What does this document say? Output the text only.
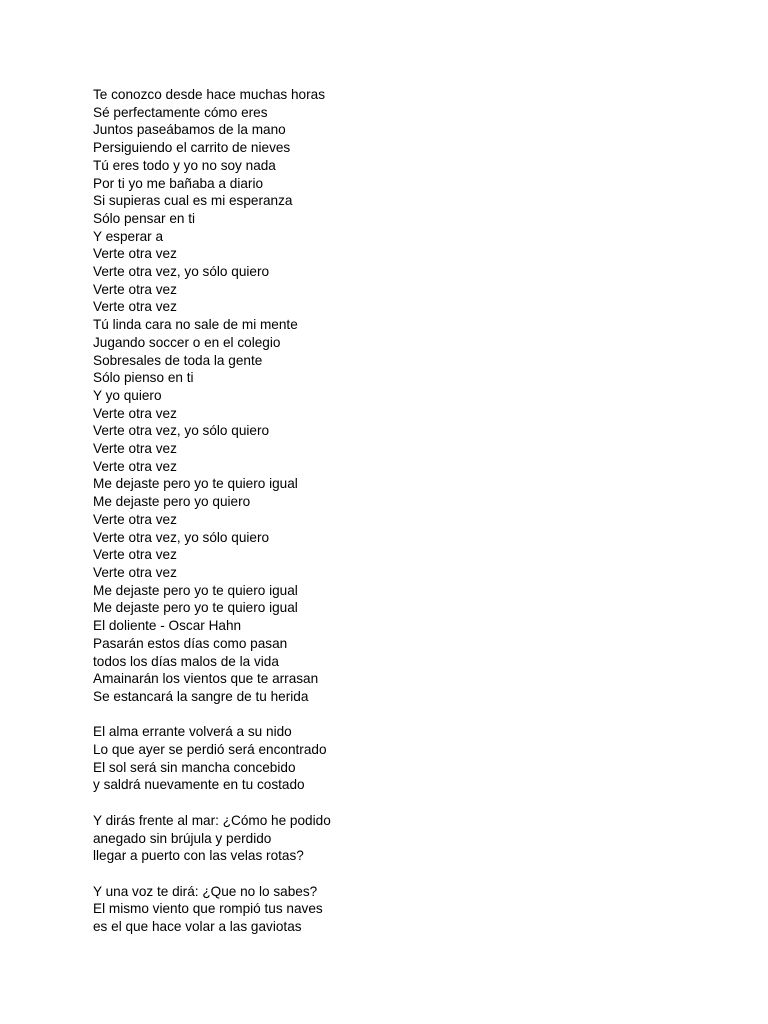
Te conozco desde hace muchas horas
Sé perfectamente cómo eres
Juntos paseábamos de la mano
Persiguiendo el carrito de nieves
Tú eres todo y yo no soy nada
Por ti yo me bañaba a diario
Si supieras cual es mi esperanza
Sólo pensar en ti
Y esperar a
Verte otra vez
Verte otra vez, yo sólo quiero
Verte otra vez
Verte otra vez
Tú linda cara no sale de mi mente
Jugando soccer o en el colegio
Sobresales de toda la gente
Sólo pienso en ti
Y yo quiero
Verte otra vez
Verte otra vez, yo sólo quiero
Verte otra vez
Verte otra vez
Me dejaste pero yo te quiero igual
Me dejaste pero yo quiero
Verte otra vez
Verte otra vez, yo sólo quiero
Verte otra vez
Verte otra vez
Me dejaste pero yo te quiero igual
Me dejaste pero yo te quiero igual
El doliente - Oscar Hahn
Pasarán estos días como pasan
todos los días malos de la vida
Amainarán los vientos que te arrasan
Se estancará la sangre de tu herida
El alma errante volverá a su nido
Lo que ayer se perdió será encontrado
El sol será sin mancha concebido
y saldrá nuevamente en tu costado
Y dirás frente al mar: ¿Cómo he podido
anegado sin brújula y perdido
llegar a puerto con las velas rotas?
Y una voz te dirá: ¿Que no lo sabes?
El mismo viento que rompió tus naves
es el que hace volar a las gaviotas
